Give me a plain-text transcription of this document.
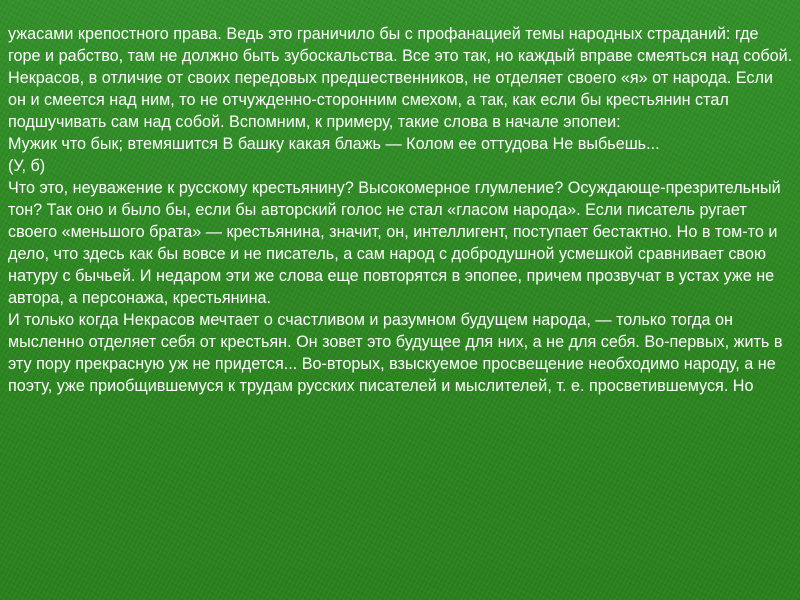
ужасами крепостного права. Ведь это граничило бы с профанацией темы народных страданий: где горе и рабство, там не должно быть зубоскальства. Все это так, но каждый вправе смеяться над собой. Некрасов, в отличие от своих передовых предшественников, не отделяет своего «я» от народа. Если он и смеется над ним, то не отчужденно-сторонним смехом, а так, как если бы крестьянин стал подшучивать сам над собой. Вспомним, к примеру, такие слова в начале эпопеи:

Мужик что бык; втемяшится В башку какая блажь — Колом ее оттудова Не выбьешь...

(У, б)

Что это, неуважение к русскому крестьянину? Высокомерное глумление? Осуждающе-презрительный тон? Так оно и было бы, если бы авторский голос не стал «гласом народа». Если писатель ругает своего «меньшого брата» — крестьянина, значит, он, интеллигент, поступает бестактно. Но в том-то и дело, что здесь как бы вовсе и не писатель, а сам народ с добродушной усмешкой сравнивает свою натуру с бычьей. И недаром эти же слова еще повторятся в эпопее, причем прозвучат в устах уже не автора, а персонажа, крестьянина.

И только когда Некрасов мечтает о счастливом и разумном будущем народа, — только тогда он мысленно отделяет себя от крестьян. Он зовет это будущее для них, а не для себя. Во-первых, жить в эту пору прекрасную уж не придется... Во-вторых, взыскуемое просвещение необходимо народу, а не поэту, уже приобщившемуся к трудам русских писателей и мыслителей, т. е. просветившемуся. Но
